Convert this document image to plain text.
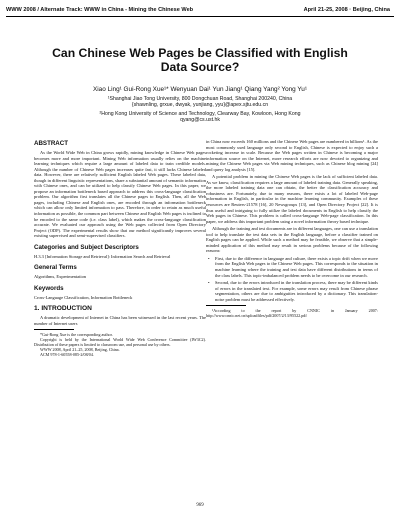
WWW 2008 / Alternate Track: WWW in China - Mining the Chinese Web	April 21-25, 2008 · Beijing, China
Can Chinese Web Pages be Classified with English Data Source?
Xiao Ling¹ Gui-Rong Xue¹* Wenyuan Dai¹ Yun Jiang¹ Qiang Yang² Yong Yu¹
¹Shanghai Jiao Tong University, 800 Dongchuan Road, Shanghai 200240, China
{shawnling, grxue, dwyak, yunjiang, yyu}@apex.sjtu.edu.cn
²Hong Kong University of Science and Technology, Clearway Bay, Kowloon, Hong Kong
qyang@cs.ust.hk
ABSTRACT

As the World Wide Web in China grows rapidly, mining knowledge in Chinese Web pages becomes more and more important. Mining Web information usually relies on the machine learning techniques which require a large amount of labeled data to train credible models. Although the number of Chinese Web pages increases quite fast, it still lacks Chinese labeled data. However, there are relatively sufficient English labeled Web pages. These labeled data, though in different linguistic representations, share a substantial amount of semantic information with Chinese ones, and can be utilized to help classify Chinese Web pages. In this paper, we propose an information bottleneck based approach to address this cross-language classification problem. Our algorithm first translates all the Chinese pages to English. Then, all the Web pages, including Chinese and English ones, are encoded through an information bottleneck which can allow only limited information to pass. Therefore, in order to retain as much useful information as possible, the common part between Chinese and English Web pages is inclined to be encoded to the same code (i.e. class label), which makes the cross-language classification accurate. We evaluated our approach using the Web pages collected from Open Directory Project (ODP). The experimental results show that our method significantly improves several existing supervised and semi-supervised classifiers.

Categories and Subject Descriptors

H.3.3 [Information Storage and Retrieval]: Information Search and Retrieval

General Terms

Algorithms, Experimentation

Keywords

Cross-Language Classification, Information Bottleneck

1. INTRODUCTION

A dramatic development of Internet in China has been witnessed in the last recent years. The number of Internet users

*Gui-Rong Xue is the corresponding author.

Copyright is held by the International World Wide Web Conference Committee (IW3C2). Distribution of these papers is limited to classroom use, and personal use by others.

WWW 2008, April 21–25, 2008, Beijing, China.

ACM 978-1-60558-085-2/08/04.

in China now exceeds 160 millions and the Chinese Web pages are numbered in billions¹. As the most commonly used language only second to English, Chinese is expected to enjoy such a rocketing increase in scale. Because the Web pages written in Chinese is becoming a major information source on the Internet, more research efforts are now devoted to organizing and mining the Chinese Web pages via Web mining techniques, such as Chinese blog mining [24] and query log analysis [15].

A potential problem in mining the Chinese Web pages is the lack of sufficient labeled data. As we know, classification requires a large amount of labeled training data. Generally speaking, the more labeled training data one can obtain, the better the classification accuracy and robustness are. Fortunately, due to many reasons, there exists a lot of labeled Web-page information in English, in particular in the machine learning community. Examples of these resources are Reuters-21578 [16], 20 Newsgroups [13], and Open Directory Project [22]. It is thus useful and intriguing to fully utilize the labeled documents in English to help classify the Web pages in Chinese. This problem is called cross-language Web-page classification. In this paper, we address this important problem using a novel information theory based technique.

Although the training and test documents are in different languages, one can use a translation tool to help translate the test data sets in the English language, before a classifier trained on English pages can be applied. While such a method may be feasible, we observe that a simple-minded application of this method may result in serious problems because of the following reasons:

• First, due to the difference in language and culture, there exists a topic drift when we move from the English Web pages to the Chinese Web pages. This corresponds to the situation in machine learning where the training and test data have different distributions in terms of the class labels. This topic-imbalanced problem needs to be overcome in our research.
• Second, due to the errors introduced in the translation process, there may be different kinds of errors in the translated text. For example, some errors may result from Chinese phrase segmentation, others are due to ambiguities introduced by a dictionary. This translation-noise problem must be addressed effectively.

¹According to the report by CNNIC in January 2007: http://www.cnnic.net.cn/uploadfiles/pdf/2007/2/13/95522.pdf

969
